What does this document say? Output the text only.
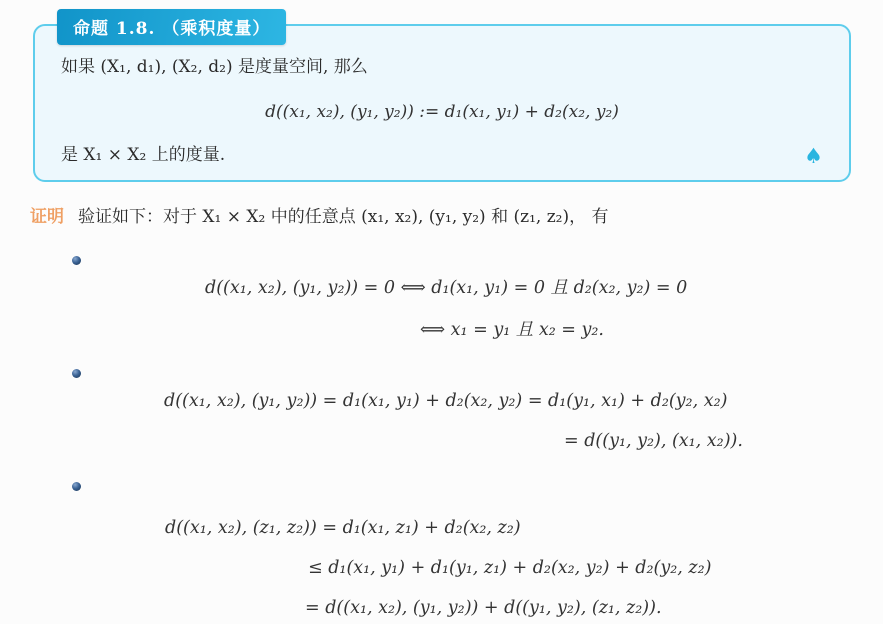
命题 1.8. （乘积度量）

如果 (X₁, d₁), (X₂, d₂) 是度量空间, 那么

d((x₁, x₂), (y₁, y₂)) := d₁(x₁, y₁) + d₂(x₂, y₂)

是 X₁ × X₂ 上的度量.	♠

证明 验证如下：对于 X₁ × X₂ 中的任意点 (x₁, x₂), (y₁, y₂) 和 (z₁, z₂)， 有

d((x₁, x₂), (y₁, y₂)) = 0 ⟺ d₁(x₁, y₁) = 0 且 d₂(x₂, y₂) = 0
⟺ x₁ = y₁ 且 x₂ = y₂.
d((x₁, x₂), (y₁, y₂)) = d₁(x₁, y₁) + d₂(x₂, y₂) = d₁(y₁, x₁) + d₂(y₂, x₂)
= d((y₁, y₂), (x₁, x₂)).
d((x₁, x₂), (z₁, z₂)) = d₁(x₁, z₁) + d₂(x₂, z₂)
≤ d₁(x₁, y₁) + d₁(y₁, z₁) + d₂(x₂, y₂) + d₂(y₂, z₂)
= d((x₁, x₂), (y₁, y₂)) + d((y₁, y₂), (z₁, z₂)).
